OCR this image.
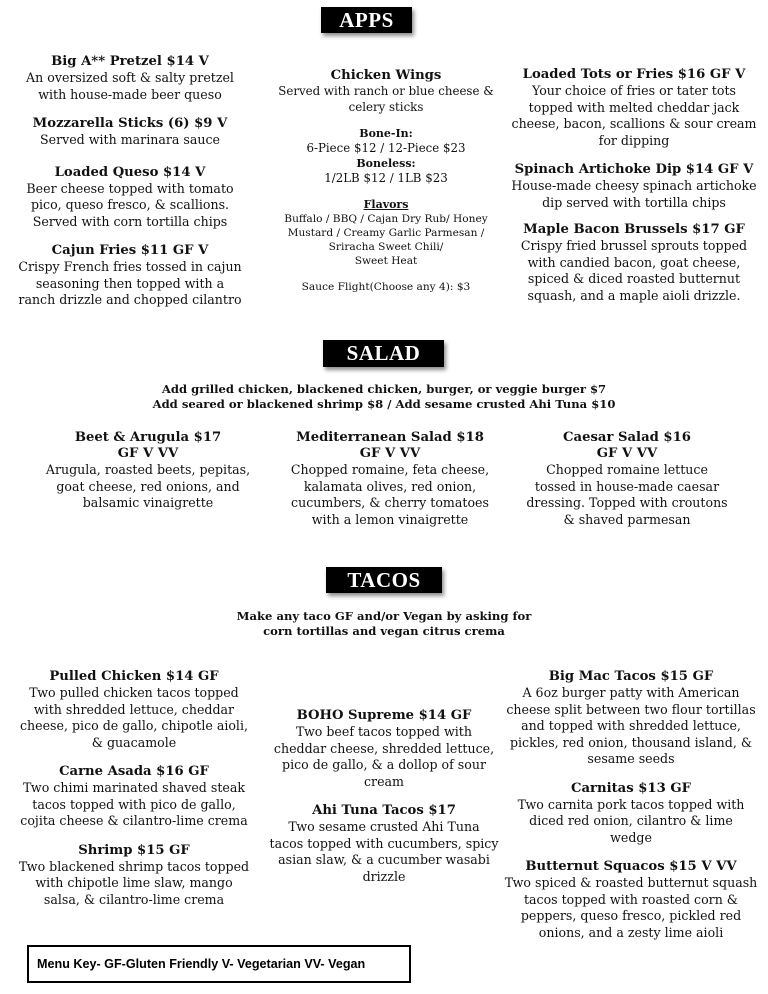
APPS
Big A** Pretzel $14 V
An oversized soft & salty pretzel
with house-made beer queso
Mozzarella Sticks (6) $9 V
Served with marinara sauce
Loaded Queso $14 V
Beer cheese topped with tomato
pico, queso fresco, & scallions.
Served with corn tortilla chips
Cajun Fries $11 GF V
Crispy French fries tossed in cajun
seasoning then topped with a
ranch drizzle and chopped cilantro
Chicken Wings
Served with ranch or blue cheese &
celery sticks
Bone-In:
6-Piece $12 / 12-Piece $23
Boneless:
1/2LB $12 / 1LB $23
Flavors
Buffalo / BBQ / Cajan Dry Rub/ Honey
Mustard / Creamy Garlic Parmesan /
Sriracha Sweet Chili/
Sweet Heat
Sauce Flight(Choose any 4): $3
Loaded Tots or Fries $16 GF V
Your choice of fries or tater tots
topped with melted cheddar jack
cheese, bacon, scallions & sour cream
for dipping
Spinach Artichoke Dip $14 GF V
House-made cheesy spinach artichoke
dip served with tortilla chips
Maple Bacon Brussels $17 GF
Crispy fried brussel sprouts topped
with candied bacon, goat cheese,
spiced & diced roasted butternut
squash, and a maple aioli drizzle.
SALAD
Add grilled chicken, blackened chicken, burger, or veggie burger $7
Add seared or blackened shrimp $8 / Add sesame crusted Ahi Tuna $10
Beet & Arugula $17
GF V VV
Arugula, roasted beets, pepitas,
goat cheese, red onions, and
balsamic vinaigrette
Mediterranean Salad $18
GF V VV
Chopped romaine, feta cheese,
kalamata olives, red onion,
cucumbers, & cherry tomatoes
with a lemon vinaigrette
Caesar Salad $16
GF V VV
Chopped romaine lettuce
tossed in house-made caesar
dressing. Topped with croutons
& shaved parmesan
TACOS
Make any taco GF and/or Vegan by asking for
corn tortillas and vegan citrus crema
Pulled Chicken $14 GF
Two pulled chicken tacos topped
with shredded lettuce, cheddar
cheese, pico de gallo, chipotle aioli,
& guacamole
Carne Asada $16 GF
Two chimi marinated shaved steak
tacos topped with pico de gallo,
cojita cheese & cilantro-lime crema
Shrimp $15 GF
Two blackened shrimp tacos topped
with chipotle lime slaw, mango
salsa, & cilantro-lime crema
BOHO Supreme $14 GF
Two beef tacos topped with
cheddar cheese, shredded lettuce,
pico de gallo, & a dollop of sour
cream
Ahi Tuna Tacos $17
Two sesame crusted Ahi Tuna
tacos topped with cucumbers, spicy
asian slaw, & a cucumber wasabi
drizzle
Big Mac Tacos $15 GF
A 6oz burger patty with American
cheese split between two flour tortillas
and topped with shredded lettuce,
pickles, red onion, thousand island, &
sesame seeds
Carnitas $13 GF
Two carnita pork tacos topped with
diced red onion, cilantro & lime
wedge
Butternut Squacos $15 V VV
Two spiced & roasted butternut squash
tacos topped with roasted corn &
peppers, queso fresco, pickled red
onions, and a zesty lime aioli
Menu Key- GF-Gluten Friendly V- Vegetarian VV- Vegan
